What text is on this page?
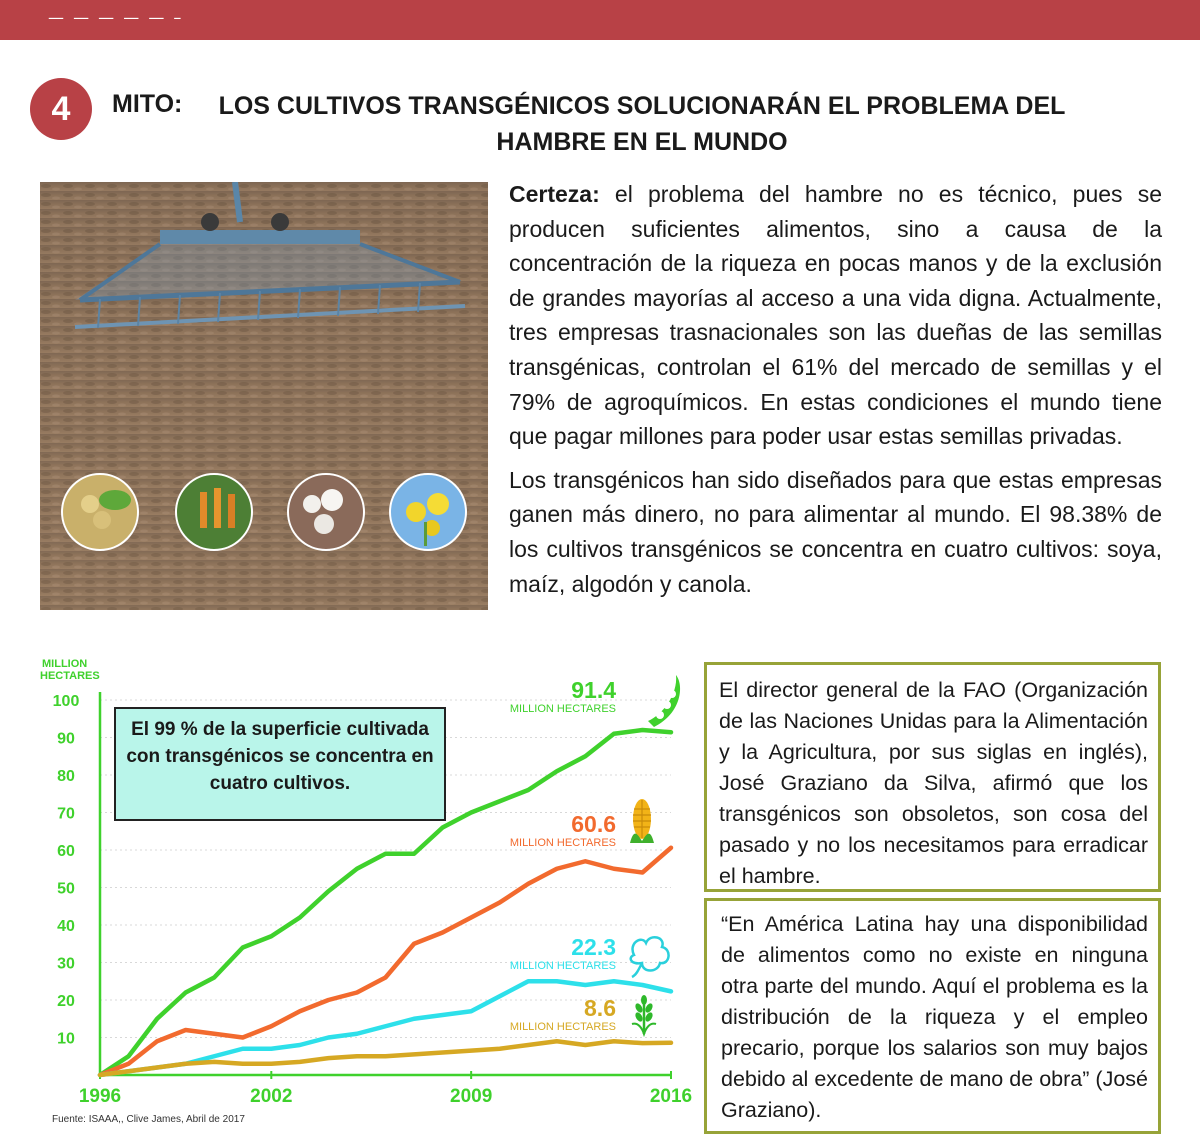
— — — — — –
4	MITO: LOS CULTIVOS TRANSGÉNICOS SOLUCIONARÁN EL PROBLEMA DEL HAMBRE EN EL MUNDO

Certeza: el problema del hambre no es técnico, pues se producen suficientes alimentos, sino a causa de la concentración de la riqueza en pocas manos y de la exclusión de grandes mayorías al acceso a una vida digna. Actualmente, tres empresas trasnacionales son las dueñas de las semillas transgénicas, controlan el 61% del mercado de semillas y el 79% de agroquímicos. En estas condiciones el mundo tiene que pagar millones para poder usar estas semillas privadas.

Los transgénicos han sido diseñados para que estas empresas ganen más dinero, no para alimentar al mundo. El 98.38% de los cultivos transgénicos se concentra en cuatro cultivos: soya, maíz, algodón y canola.

MILLION
HECTARES
10
20
30
40
50
60
70
80
90
100
1996	2002	2009	2016
91.4
MILLION HECTARES
60.6
MILLION HECTARES
22.3
MILLION HECTARES
8.6
MILLION HECTARES
Fuente: ISAAA,, Clive James, Abril de 2017
El 99 % de la superficie cultivada con transgénicos se concentra en cuatro cultivos.
El director general de la FAO (Organización de las Naciones Unidas para la Alimentación y la Agricultura, por sus siglas en inglés), José Graziano da Silva, afirmó que los transgénicos son obsoletos, son cosa del pasado y no los necesitamos para erradicar el hambre.
“En América Latina hay una disponibilidad de alimentos como no existe en ninguna otra parte del mundo. Aquí el problema es la distribución de la riqueza y el empleo precario, porque los salarios son muy bajos debido al excedente de mano de obra” (José Graziano).
